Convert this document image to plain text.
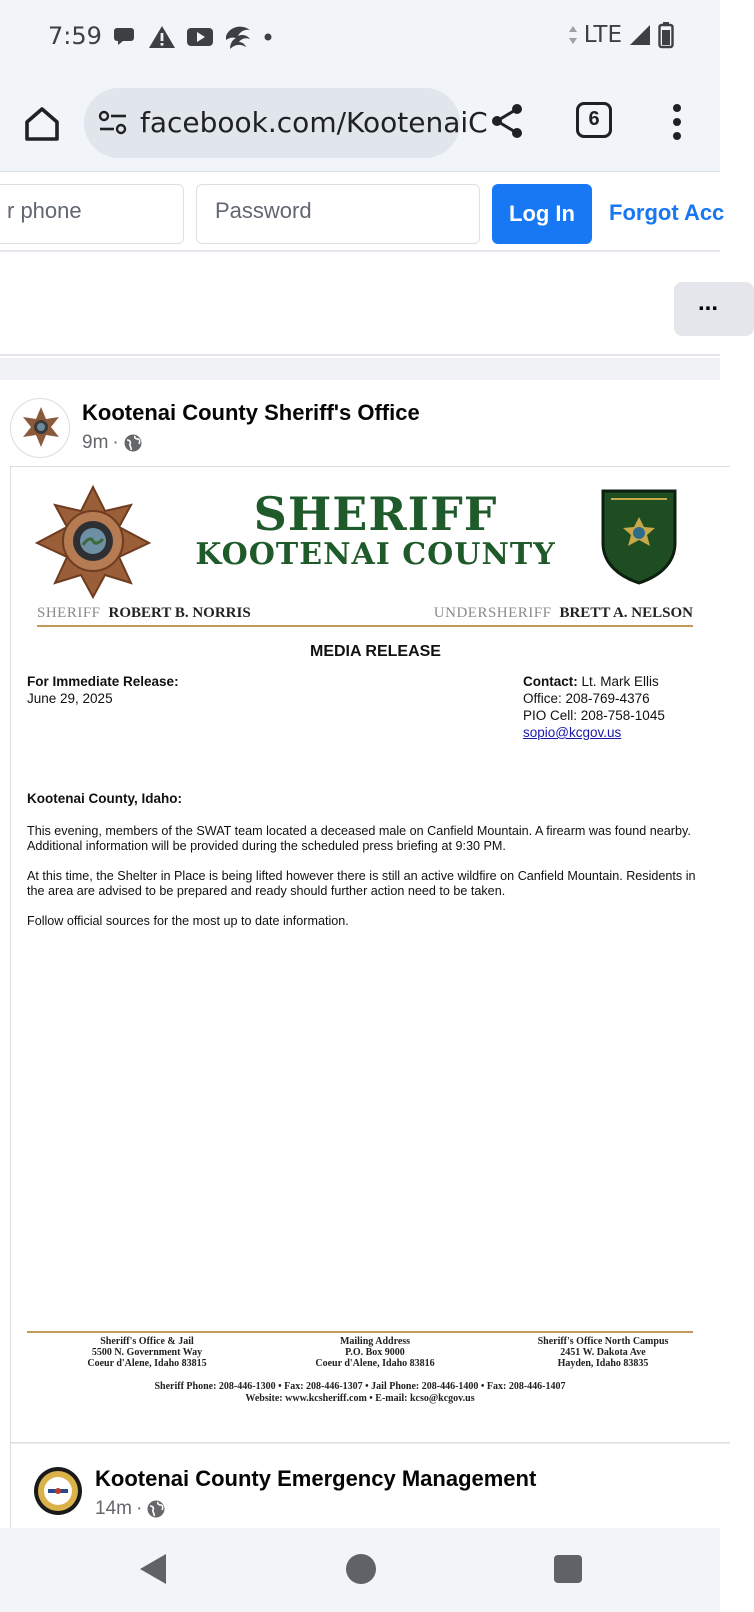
7:59	LTE
facebook.com/KootenaiC	6
r phone	Password	Log In	Forgot Acc
...
Kootenai County Sheriff's Office
9m ·
SHERIFF
KOOTENAI COUNTY
SHERIFF ROBERT B. NORRIS	UNDERSHERIFF BRETT A. NELSON
MEDIA RELEASE
For Immediate Release:
June 29, 2025
Contact: Lt. Mark Ellis
Office: 208-769-4376
PIO Cell: 208-758-1045
sopio@kcgov.us

Kootenai County, Idaho:

This evening, members of the SWAT team located a deceased male on Canfield Mountain. A firearm was found nearby. Additional information will be provided during the scheduled press briefing at 9:30 PM.

At this time, the Shelter in Place is being lifted however there is still an active wildfire on Canfield Mountain. Residents in the area are advised to be prepared and ready should further action need to be taken.

Follow official sources for the most up to date information.

Sheriff's Office & Jail
5500 N. Government Way
Coeur d'Alene, Idaho 83815
Mailing Address
P.O. Box 9000
Coeur d'Alene, Idaho 83816
Sheriff's Office North Campus
2451 W. Dakota Ave
Hayden, Idaho 83835
Sheriff Phone: 208-446-1300 • Fax: 208-446-1307 • Jail Phone: 208-446-1400 • Fax: 208-446-1407
Website: www.kcsheriff.com • E-mail: kcso@kcgov.us
Kootenai County Emergency Management
14m ·
